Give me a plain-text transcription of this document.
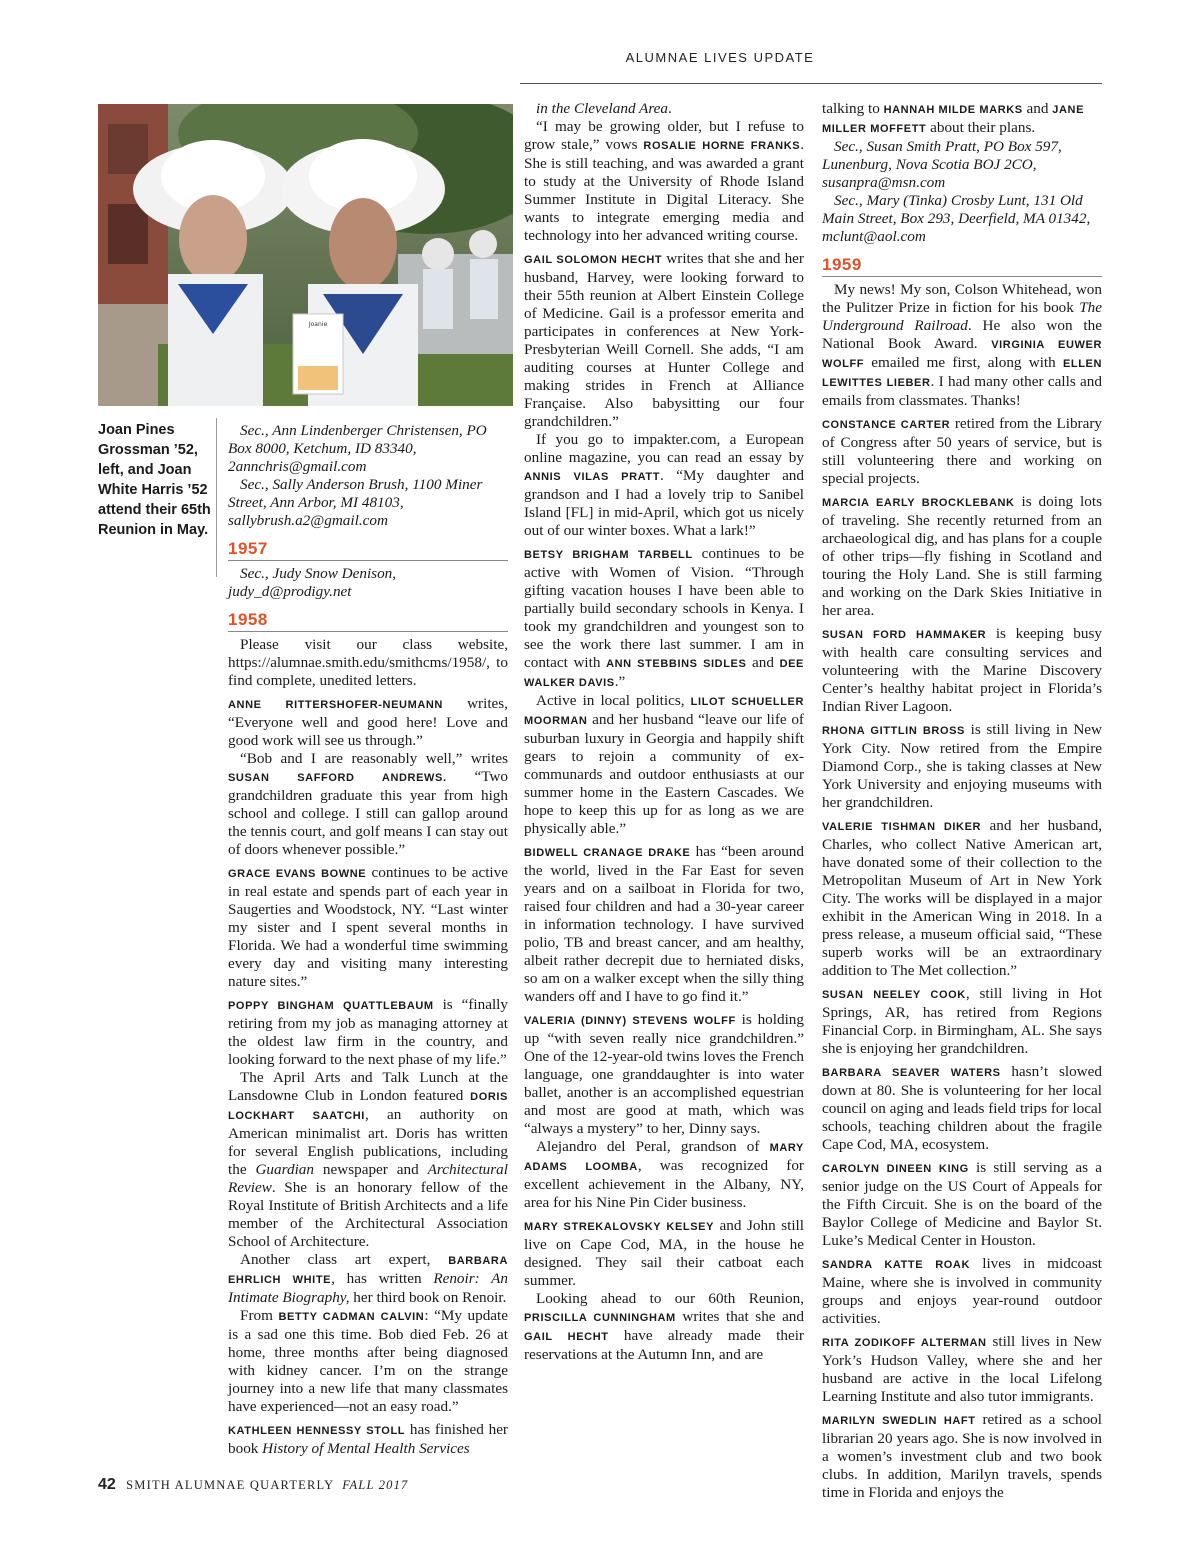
ALUMNAE LIVES UPDATE
Joanie
Joan Pines Grossman ’52, left, and Joan White Harris ’52 attend their 65th Reunion in May.

Sec., Ann Lindenberger Christensen, PO Box 8000, Ketchum, ID 83340, 2annchris@gmail.com

Sec., Sally Anderson Brush, 1100 Miner Street, Ann Arbor, MI 48103, sallybrush.a2@gmail.com

1957

Sec., Judy Snow Denison, judy_d@prodigy.net

1958

Please visit our class website, https://alumnae.smith.edu/smithcms/1958/, to find complete, unedited letters.

ANNE RITTERSHOFER-NEUMANN writes, “Everyone well and good here! Love and good work will see us through.”

“Bob and I are reasonably well,” writes SUSAN SAFFORD ANDREWS. “Two grandchildren graduate this year from high school and college. I still can gallop around the tennis court, and golf means I can stay out of doors whenever possible.”

GRACE EVANS BOWNE continues to be active in real estate and spends part of each year in Saugerties and Woodstock, NY. “Last winter my sister and I spent several months in Florida. We had a wonderful time swimming every day and visiting many interesting nature sites.”

POPPY BINGHAM QUATTLEBAUM is “finally retiring from my job as managing attorney at the oldest law firm in the country, and looking forward to the next phase of my life.”

The April Arts and Talk Lunch at the Lansdowne Club in London featured DORIS LOCKHART SAATCHI, an authority on American minimalist art. Doris has written for several English publications, including the Guardian newspaper and Architectural Review. She is an honorary fellow of the Royal Institute of British Architects and a life member of the Architectural Association School of Architecture.

Another class art expert, BARBARA EHRLICH WHITE, has written Renoir: An Intimate Biography, her third book on Renoir.

From BETTY CADMAN CALVIN: “My update is a sad one this time. Bob died Feb. 26 at home, three months after being diagnosed with kidney cancer. I’m on the strange journey into a new life that many classmates have experienced—not an easy road.”

KATHLEEN HENNESSY STOLL has finished her book History of Mental Health Services

in the Cleveland Area.

“I may be growing older, but I refuse to grow stale,” vows ROSALIE HORNE FRANKS. She is still teaching, and was awarded a grant to study at the University of Rhode Island Summer Institute in Digital Literacy. She wants to integrate emerging media and technology into her advanced writing course.

GAIL SOLOMON HECHT writes that she and her husband, Harvey, were looking forward to their 55th reunion at Albert Einstein College of Medicine. Gail is a professor emerita and participates in conferences at New York-Presbyterian Weill Cornell. She adds, “I am auditing courses at Hunter College and making strides in French at Alliance Française. Also babysitting our four grandchildren.”

If you go to impakter.com, a European online magazine, you can read an essay by ANNIS VILAS PRATT. “My daughter and grandson and I had a lovely trip to Sanibel Island [FL] in mid-April, which got us nicely out of our winter boxes. What a lark!”

BETSY BRIGHAM TARBELL continues to be active with Women of Vision. “Through gifting vacation houses I have been able to partially build secondary schools in Kenya. I took my grandchildren and youngest son to see the work there last summer. I am in contact with ANN STEBBINS SIDLES and DEE WALKER DAVIS.”

Active in local politics, LILOT SCHUELLER MOORMAN and her husband “leave our life of suburban luxury in Georgia and happily shift gears to rejoin a community of ex-communards and outdoor enthusiasts at our summer home in the Eastern Cascades. We hope to keep this up for as long as we are physically able.”

BIDWELL CRANAGE DRAKE has “been around the world, lived in the Far East for seven years and on a sailboat in Florida for two, raised four children and had a 30-year career in information technology. I have survived polio, TB and breast cancer, and am healthy, albeit rather decrepit due to herniated disks, so am on a walker except when the silly thing wanders off and I have to go find it.”

VALERIA (DINNY) STEVENS WOLFF is holding up “with seven really nice grandchildren.” One of the 12-year-old twins loves the French language, one granddaughter is into water ballet, another is an accomplished equestrian and most are good at math, which was “always a mystery” to her, Dinny says.

Alejandro del Peral, grandson of MARY ADAMS LOOMBA, was recognized for excellent achievement in the Albany, NY, area for his Nine Pin Cider business.

MARY STREKALOVSKY KELSEY and John still live on Cape Cod, MA, in the house he designed. They sail their catboat each summer.

Looking ahead to our 60th Reunion, PRISCILLA CUNNINGHAM writes that she and GAIL HECHT have already made their reservations at the Autumn Inn, and are

talking to HANNAH MILDE MARKS and JANE MILLER MOFFETT about their plans.

Sec., Susan Smith Pratt, PO Box 597, Lunenburg, Nova Scotia BOJ 2CO, susanpra@msn.com

Sec., Mary (Tinka) Crosby Lunt, 131 Old Main Street, Box 293, Deerfield, MA 01342, mclunt@aol.com

1959

My news! My son, Colson Whitehead, won the Pulitzer Prize in fiction for his book The Underground Railroad. He also won the National Book Award. VIRGINIA EUWER WOLFF emailed me first, along with ELLEN LEWITTES LIEBER. I had many other calls and emails from classmates. Thanks!

CONSTANCE CARTER retired from the Library of Congress after 50 years of service, but is still volunteering there and working on special projects.

MARCIA EARLY BROCKLEBANK is doing lots of traveling. She recently returned from an archaeological dig, and has plans for a couple of other trips—fly fishing in Scotland and touring the Holy Land. She is still farming and working on the Dark Skies Initiative in her area.

SUSAN FORD HAMMAKER is keeping busy with health care consulting services and volunteering with the Marine Discovery Center’s healthy habitat project in Florida’s Indian River Lagoon.

RHONA GITTLIN BROSS is still living in New York City. Now retired from the Empire Diamond Corp., she is taking classes at New York University and enjoying museums with her grandchildren.

VALERIE TISHMAN DIKER and her husband, Charles, who collect Native American art, have donated some of their collection to the Metropolitan Museum of Art in New York City. The works will be displayed in a major exhibit in the American Wing in 2018. In a press release, a museum official said, “These superb works will be an extraordinary addition to The Met collection.”

SUSAN NEELEY COOK, still living in Hot Springs, AR, has retired from Regions Financial Corp. in Birmingham, AL. She says she is enjoying her grandchildren.

BARBARA SEAVER WATERS hasn’t slowed down at 80. She is volunteering for her local council on aging and leads field trips for local schools, teaching children about the fragile Cape Cod, MA, ecosystem.

CAROLYN DINEEN KING is still serving as a senior judge on the US Court of Appeals for the Fifth Circuit. She is on the board of the Baylor College of Medicine and Baylor St. Luke’s Medical Center in Houston.

SANDRA KATTE ROAK lives in midcoast Maine, where she is involved in community groups and enjoys year-round outdoor activities.

RITA ZODIKOFF ALTERMAN still lives in New York’s Hudson Valley, where she and her husband are active in the local Lifelong Learning Institute and also tutor immigrants.

MARILYN SWEDLIN HAFT retired as a school librarian 20 years ago. She is now involved in a women’s investment club and two book clubs. In addition, Marilyn travels, spends time in Florida and enjoys the

42 SMITH ALUMNAE QUARTERLY FALL 2017
